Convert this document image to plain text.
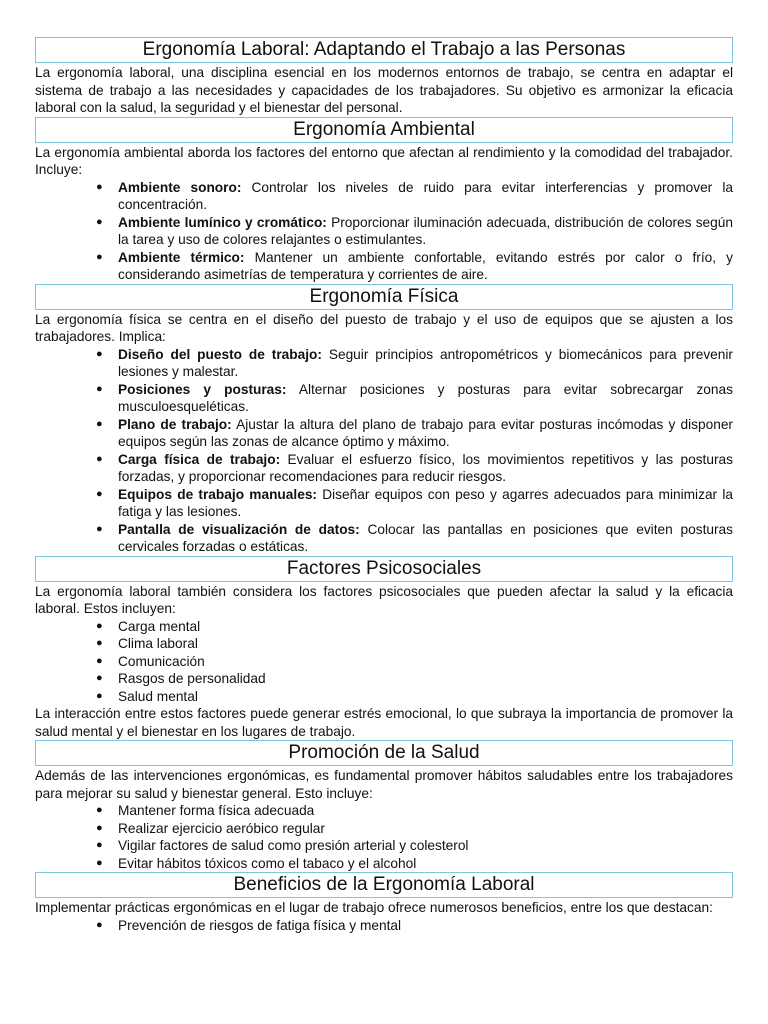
Ergonomía Laboral: Adaptando el Trabajo a las Personas

La ergonomía laboral, una disciplina esencial en los modernos entornos de trabajo, se centra en adaptar el sistema de trabajo a las necesidades y capacidades de los trabajadores. Su objetivo es armonizar la eficacia laboral con la salud, la seguridad y el bienestar del personal.

Ergonomía Ambiental

La ergonomía ambiental aborda los factores del entorno que afectan al rendimiento y la comodidad del trabajador. Incluye:

● Ambiente sonoro: Controlar los niveles de ruido para evitar interferencias y promover la concentración.
● Ambiente lumínico y cromático: Proporcionar iluminación adecuada, distribución de colores según la tarea y uso de colores relajantes o estimulantes.
● Ambiente térmico: Mantener un ambiente confortable, evitando estrés por calor o frío, y considerando asimetrías de temperatura y corrientes de aire.
Ergonomía Física

La ergonomía física se centra en el diseño del puesto de trabajo y el uso de equipos que se ajusten a los trabajadores. Implica:

● Diseño del puesto de trabajo: Seguir principios antropométricos y biomecánicos para prevenir lesiones y malestar.
● Posiciones y posturas: Alternar posiciones y posturas para evitar sobrecargar zonas musculoesqueléticas.
● Plano de trabajo: Ajustar la altura del plano de trabajo para evitar posturas incómodas y disponer equipos según las zonas de alcance óptimo y máximo.
● Carga física de trabajo: Evaluar el esfuerzo físico, los movimientos repetitivos y las posturas forzadas, y proporcionar recomendaciones para reducir riesgos.
● Equipos de trabajo manuales: Diseñar equipos con peso y agarres adecuados para minimizar la fatiga y las lesiones.
● Pantalla de visualización de datos: Colocar las pantallas en posiciones que eviten posturas cervicales forzadas o estáticas.
Factores Psicosociales

La ergonomía laboral también considera los factores psicosociales que pueden afectar la salud y la eficacia laboral. Estos incluyen:

● Carga mental
● Clima laboral
● Comunicación
● Rasgos de personalidad
● Salud mental

La interacción entre estos factores puede generar estrés emocional, lo que subraya la importancia de promover la salud mental y el bienestar en los lugares de trabajo.

Promoción de la Salud

Además de las intervenciones ergonómicas, es fundamental promover hábitos saludables entre los trabajadores para mejorar su salud y bienestar general. Esto incluye:

● Mantener forma física adecuada
● Realizar ejercicio aeróbico regular
● Vigilar factores de salud como presión arterial y colesterol
● Evitar hábitos tóxicos como el tabaco y el alcohol
Beneficios de la Ergonomía Laboral

Implementar prácticas ergonómicas en el lugar de trabajo ofrece numerosos beneficios, entre los que destacan:

● Prevención de riesgos de fatiga física y mental
